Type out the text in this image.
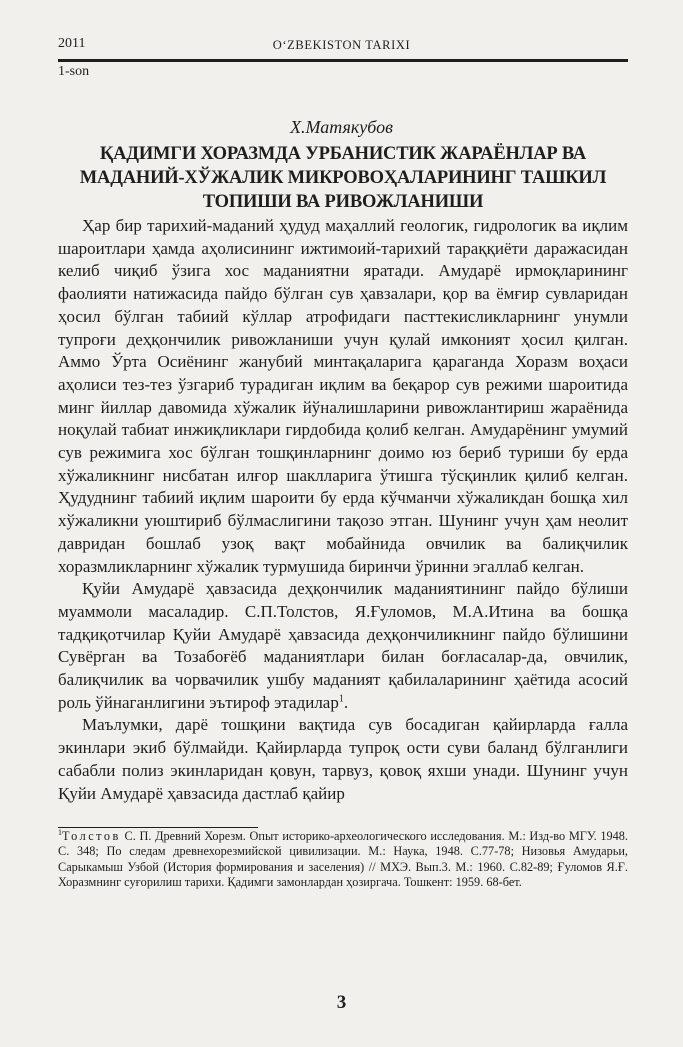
2011	O‘ZBEKISTON TARIXI
1-son
Х.Матякубов
ҚАДИМГИ ХОРАЗМДА УРБАНИСТИК ЖАРАЁНЛАР ВА МАДАНИЙ-ХЎЖАЛИК МИКРОВОҲАЛАРИНИНГ ТАШКИЛ ТОПИШИ ВА РИВОЖЛАНИШИ

Ҳар бир тарихий-маданий ҳудуд маҳаллий геологик, гидрологик ва иқлим шароитлари ҳамда аҳолисининг ижтимоий-тарихий тараққиёти даражасидан келиб чиқиб ўзига хос маданиятни яратади. Амударё ирмоқларининг фаолияти натижасида пайдо бўлган сув ҳавзалари, қор ва ёмғир сувларидан ҳосил бўлган табиий кўллар атрофидаги пасттекисликларнинг унумли тупроғи деҳқончилик ривожланиши учун қулай имконият ҳосил қилган. Аммо Ўрта Осиёнинг жанубий минтақаларига қараганда Хоразм воҳаси аҳолиси тез-тез ўзгариб турадиган иқлим ва беқарор сув режими шароитида минг йиллар давомида хўжалик йўналишларини ривожлантириш жараёнида ноқулай табиат инжиқликлари гирдобида қолиб келган. Амударёнинг умумий сув режимига хос бўлган тошқинларнинг доимо юз бериб туриши бу ерда хўжаликнинг нисбатан илғор шаклларига ўтишга тўсқинлик қилиб келган. Ҳудуднинг табиий иқлим шароити бу ерда кўчманчи хўжаликдан бошқа хил хўжаликни уюштириб бўлмаслигини тақозо этган. Шунинг учун ҳам неолит давридан бошлаб узоқ вақт мобайнида овчилик ва балиқчилик хоразмликларнинг хўжалик турмушида биринчи ўринни эгаллаб келган.

Қуйи Амударё ҳавзасида деҳқончилик маданиятининг пайдо бўлиши муаммоли масаладир. С.П.Толстов, Я.Ғуломов, М.А.Итина ва бошқа тадқиқотчилар Қуйи Амударё ҳавзасида деҳқончиликнинг пайдо бўлишини Сувёрган ва Тозабоғёб маданиятлари билан боғласалар-да, овчилик, балиқчилик ва чорвачилик ушбу маданият қабилаларининг ҳаётида асосий роль ўйнаганлигини эътироф этадилар$^1$.

Маълумки, дарё тошқини вақтида сув босадиган қайирларда ғалла экинлари экиб бўлмайди. Қайирларда тупроқ ости суви баланд бўлганлиги сабабли полиз экинларидан қовун, тарвуз, қовоқ яхши унади. Шунинг учун Қуйи Амударё ҳавзасида дастлаб қайир

$^1$Толстов С. П. Древний Хорезм. Опыт историко-археологического исследования. М.: Изд-во МГУ. 1948. С. 348; По следам древнехорезмийской цивилизации. М.: Наука, 1948. С.77-78; Низовья Амударьи, Сарыкамыш Узбой (История формирования и заселения) // МХЭ. Вып.3. М.: 1960. С.82-89; Ғуломов Я.Ғ. Хоразмнинг суғорилиш тарихи. Қадимги замонлардан ҳозиргача. Тошкент: 1959. 68-бет.
3
